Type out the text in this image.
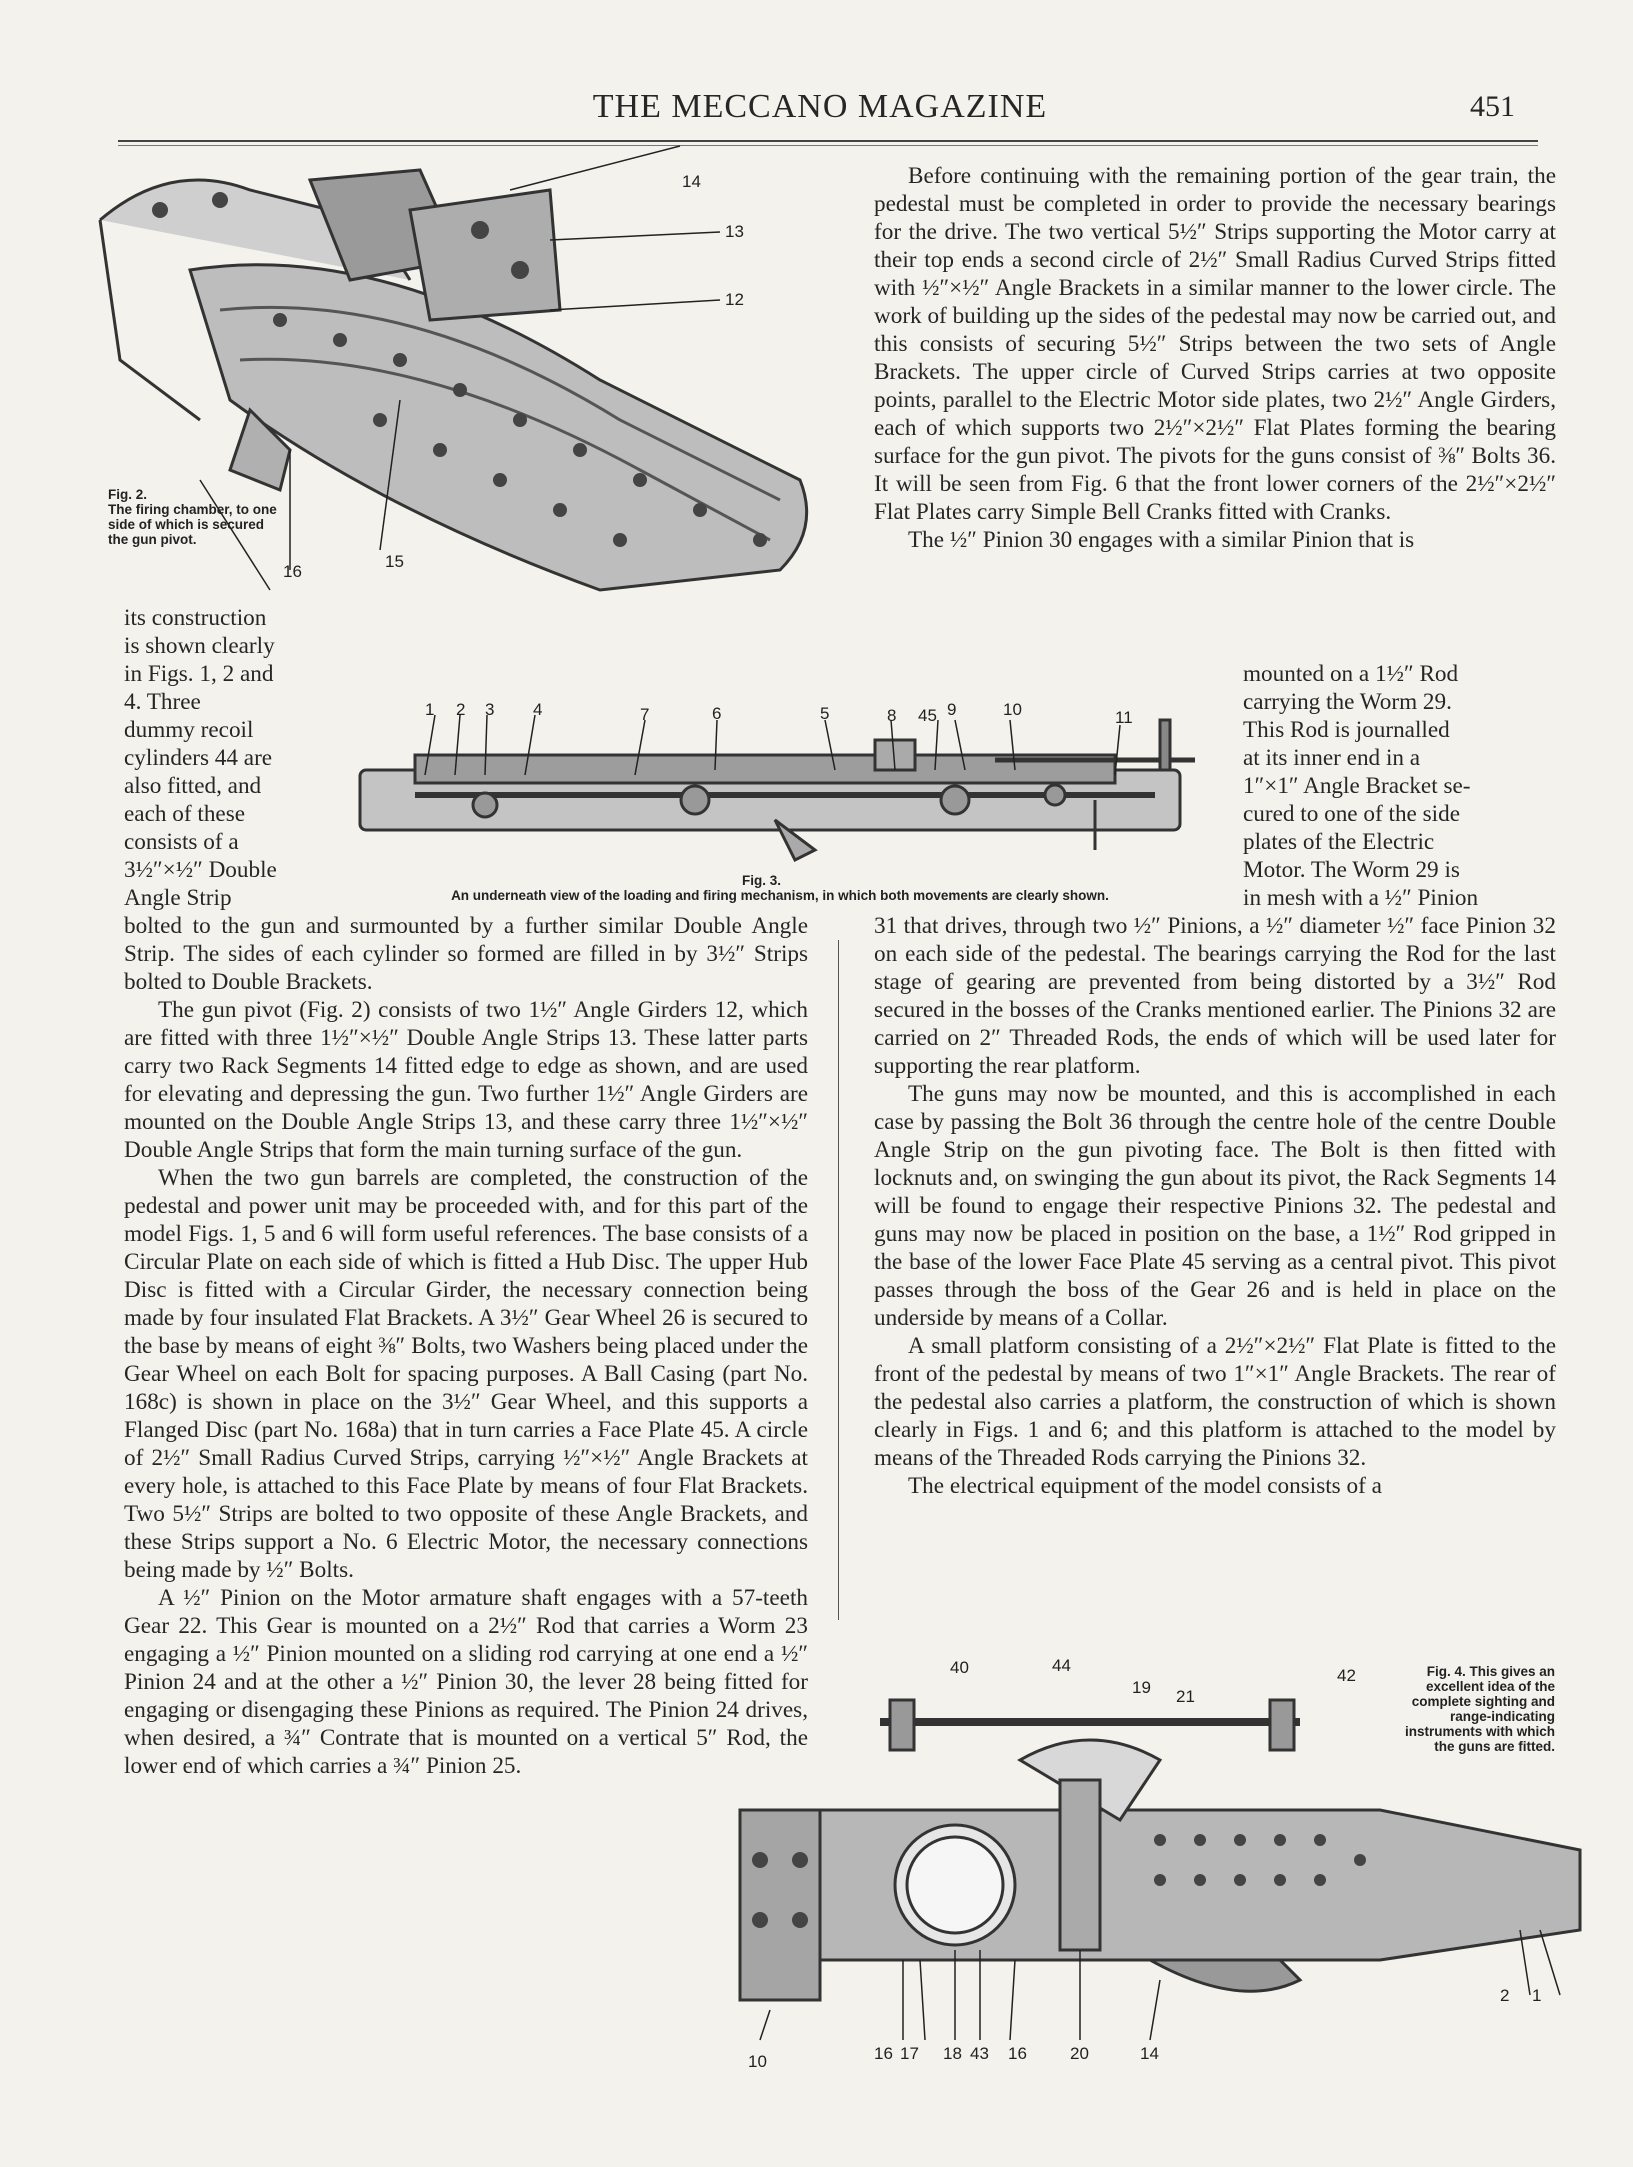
THE MECCANO MAGAZINE	451
14
13
12
16
15
Fig. 2.
The firing chamber, to one side of which is secured the gun pivot.

Before continuing with the remaining portion of the gear train, the pedestal must be completed in order to provide the necessary bearings for the drive. The two vertical 5½″ Strips supporting the Motor carry at their top ends a second circle of 2½″ Small Radius Curved Strips fitted with ½″×½″ Angle Brackets in a similar manner to the lower circle. The work of building up the sides of the pedestal may now be carried out, and this consists of securing 5½″ Strips between the two sets of Angle Brackets. The upper circle of Curved Strips carries at two opposite points, parallel to the Electric Motor side plates, two 2½″ Angle Girders, each of which supports two 2½″×2½″ Flat Plates forming the bearing surface for the gun pivot. The pivots for the guns consist of ⅜″ Bolts 36. It will be seen from Fig. 6 that the front lower corners of the 2½″×2½″ Flat Plates carry Simple Bell Cranks fitted with Cranks.

The ½″ Pinion 30 engages with a similar Pinion that is

its construction
is shown clearly
in Figs. 1, 2 and
4. Three
dummy recoil
cylinders 44 are
also fitted, and
each of these
consists of a
3½″×½″ Double
Angle Strip
mounted on a 1½″ Rod
carrying the Worm 29.
This Rod is journalled
at its inner end in a
1″×1″ Angle Bracket se-
cured to one of the side
plates of the Electric
Motor. The Worm 29 is
in mesh with a ½″ Pinion
1 2 3 4	7	6	5	8 45 9	10	11
Fig. 3.
An underneath view of the loading and firing mechanism, in which both movements are clearly shown.

bolted to the gun and surmounted by a further similar Double Angle Strip. The sides of each cylinder so formed are filled in by 3½″ Strips bolted to Double Brackets.

The gun pivot (Fig. 2) consists of two 1½″ Angle Girders 12, which are fitted with three 1½″×½″ Double Angle Strips 13. These latter parts carry two Rack Segments 14 fitted edge to edge as shown, and are used for elevating and depressing the gun. Two further 1½″ Angle Girders are mounted on the Double Angle Strips 13, and these carry three 1½″×½″ Double Angle Strips that form the main turning surface of the gun.

When the two gun barrels are completed, the construction of the pedestal and power unit may be proceeded with, and for this part of the model Figs. 1, 5 and 6 will form useful references. The base consists of a Circular Plate on each side of which is fitted a Hub Disc. The upper Hub Disc is fitted with a Circular Girder, the necessary connection being made by four insulated Flat Brackets. A 3½″ Gear Wheel 26 is secured to the base by means of eight ⅜″ Bolts, two Washers being placed under the Gear Wheel on each Bolt for spacing purposes. A Ball Casing (part No. 168c) is shown in place on the 3½″ Gear Wheel, and this supports a Flanged Disc (part No. 168a) that in turn carries a Face Plate 45. A circle of 2½″ Small Radius Curved Strips, carrying ½″×½″ Angle Brackets at every hole, is attached to this Face Plate by means of four Flat Brackets. Two 5½″ Strips are bolted to two opposite of these Angle Brackets, and these Strips support a No. 6 Electric Motor, the necessary connections being made by ½″ Bolts.

A ½″ Pinion on the Motor armature shaft engages with a 57-teeth Gear 22. This Gear is mounted on a 2½″ Rod that carries a Worm 23 engaging a ½″ Pinion mounted on a sliding rod carrying at one end a ½″ Pinion 24 and at the other a ½″ Pinion 30, the lever 28 being fitted for engaging or disengaging these Pinions as required. The Pinion 24 drives, when desired, a ¾″ Contrate that is mounted on a vertical 5″ Rod, the lower end of which carries a ¾″ Pinion 25.

31 that drives, through two ½″ Pinions, a ½″ diameter ½″ face Pinion 32 on each side of the pedestal. The bearings carrying the Rod for the last stage of gearing are prevented from being distorted by a 3½″ Rod secured in the bosses of the Cranks mentioned earlier. The Pinions 32 are carried on 2″ Threaded Rods, the ends of which will be used later for supporting the rear platform.

The guns may now be mounted, and this is accomplished in each case by passing the Bolt 36 through the centre hole of the centre Double Angle Strip on the gun pivoting face. The Bolt is then fitted with locknuts and, on swinging the gun about its pivot, the Rack Segments 14 will be found to engage their respective Pinions 32. The pedestal and guns may now be placed in position on the base, a 1½″ Rod gripped in the base of the lower Face Plate 45 serving as a central pivot. This pivot passes through the boss of the Gear 26 and is held in place on the underside by means of a Collar.

A small platform consisting of a 2½″×2½″ Flat Plate is fitted to the front of the pedestal by means of two 1″×1″ Angle Brackets. The rear of the pedestal also carries a platform, the construction of which is shown clearly in Figs. 1 and 6; and this platform is attached to the model by means of the Threaded Rods carrying the Pinions 32.

The electrical equipment of the model consists of a

40	44
19 21
42
2 1
10	16 17 18 43 16	20	14
Fig. 4. This gives an excellent idea of the complete sighting and range-indicating instruments with which the guns are fitted.
